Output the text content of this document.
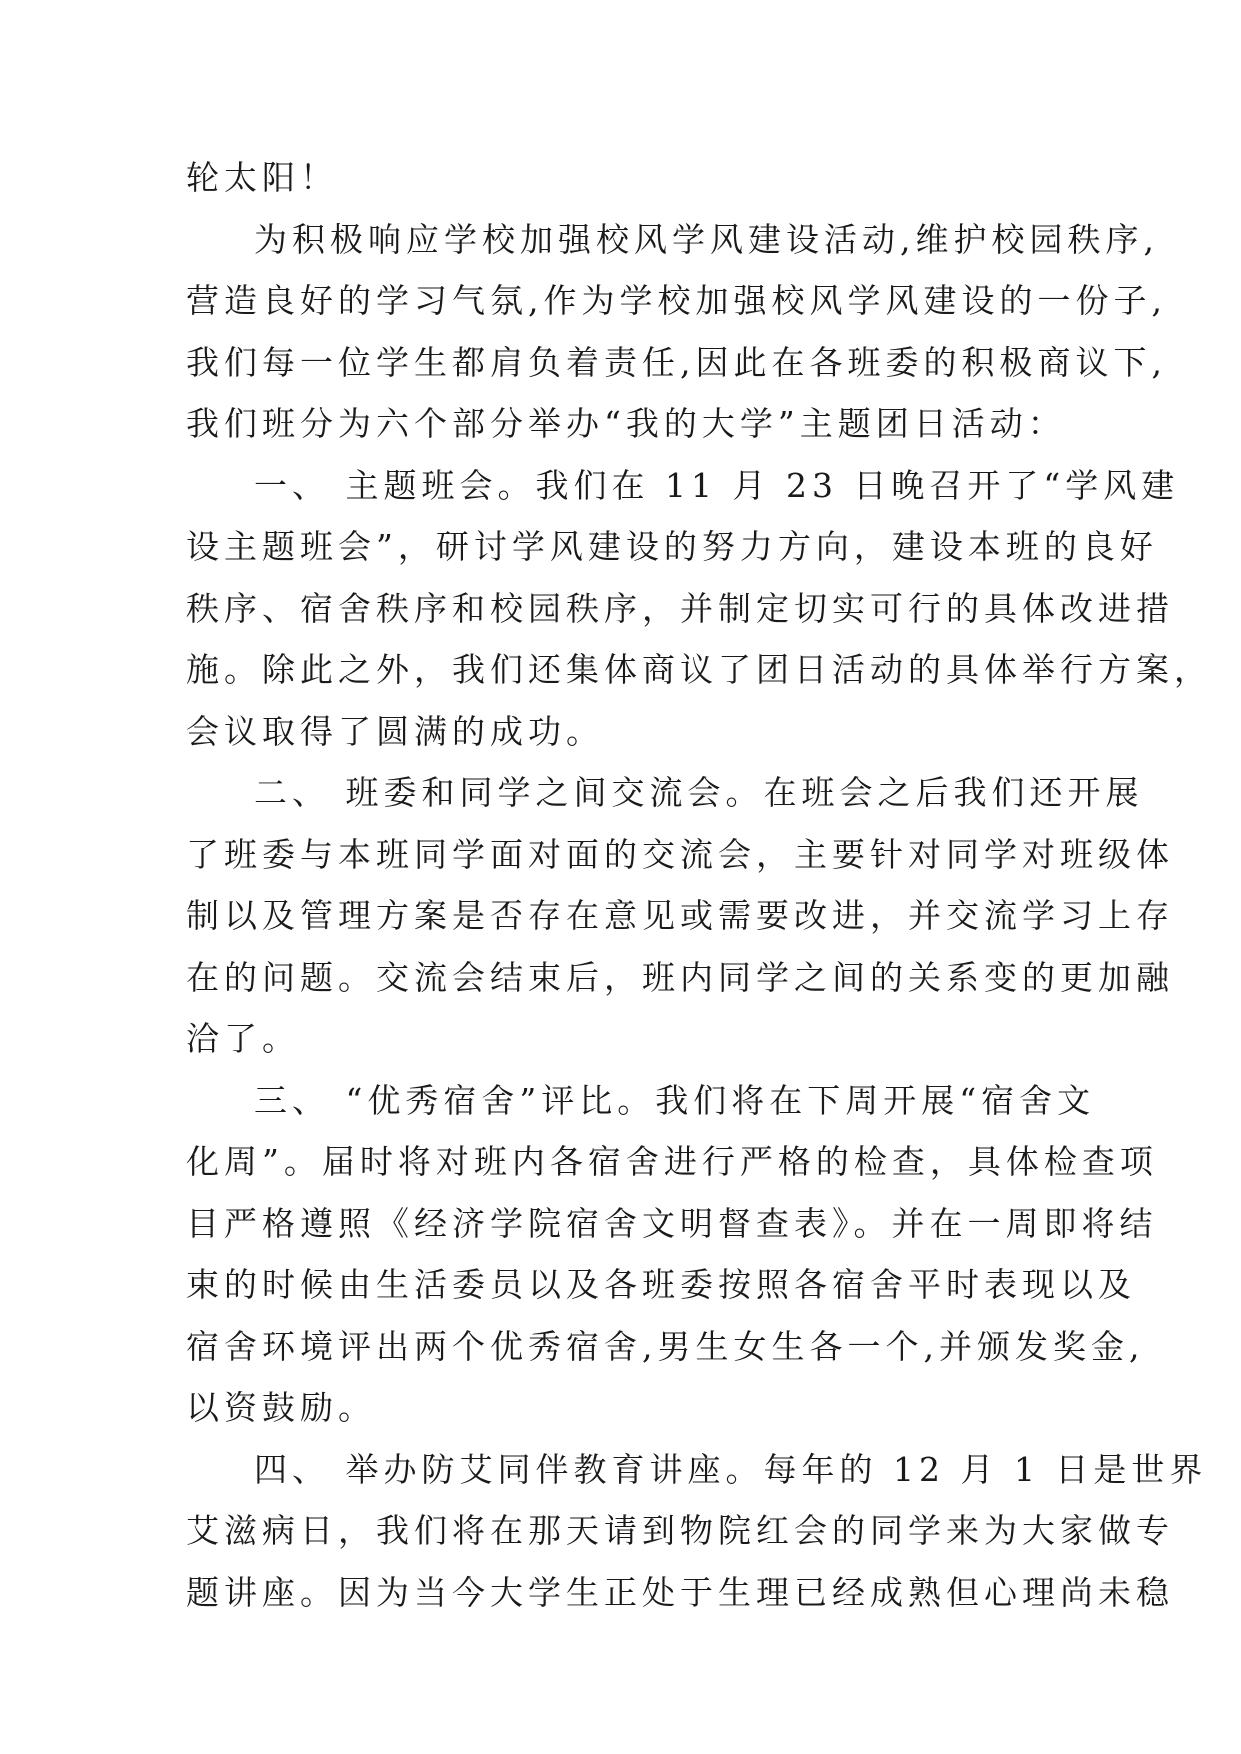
轮太阳！
为积极响应学校加强校风学风建设活动,维护校园秩序,
营造良好的学习气氛,作为学校加强校风学风建设的一份子,
我们每一位学生都肩负着责任,因此在各班委的积极商议下,
我们班分为六个部分举办“我的大学”主题团日活动：
一、 主题班会。我们在 11 月 23 日晚召开了“学风建
设主题班会”，研讨学风建设的努力方向，建设本班的良好
秩序、宿舍秩序和校园秩序，并制定切实可行的具体改进措
施。除此之外，我们还集体商议了团日活动的具体举行方案，
会议取得了圆满的成功。
二、 班委和同学之间交流会。在班会之后我们还开展
了班委与本班同学面对面的交流会，主要针对同学对班级体
制以及管理方案是否存在意见或需要改进，并交流学习上存
在的问题。交流会结束后，班内同学之间的关系变的更加融
洽了。
三、 “优秀宿舍”评比。我们将在下周开展“宿舍文
化周”。届时将对班内各宿舍进行严格的检查，具体检查项
目严格遵照《经济学院宿舍文明督查表》。并在一周即将结
束的时候由生活委员以及各班委按照各宿舍平时表现以及
宿舍环境评出两个优秀宿舍,男生女生各一个,并颁发奖金,
以资鼓励。
四、 举办防艾同伴教育讲座。每年的 12 月 1 日是世界
艾滋病日，我们将在那天请到物院红会的同学来为大家做专
题讲座。因为当今大学生正处于生理已经成熟但心理尚未稳
